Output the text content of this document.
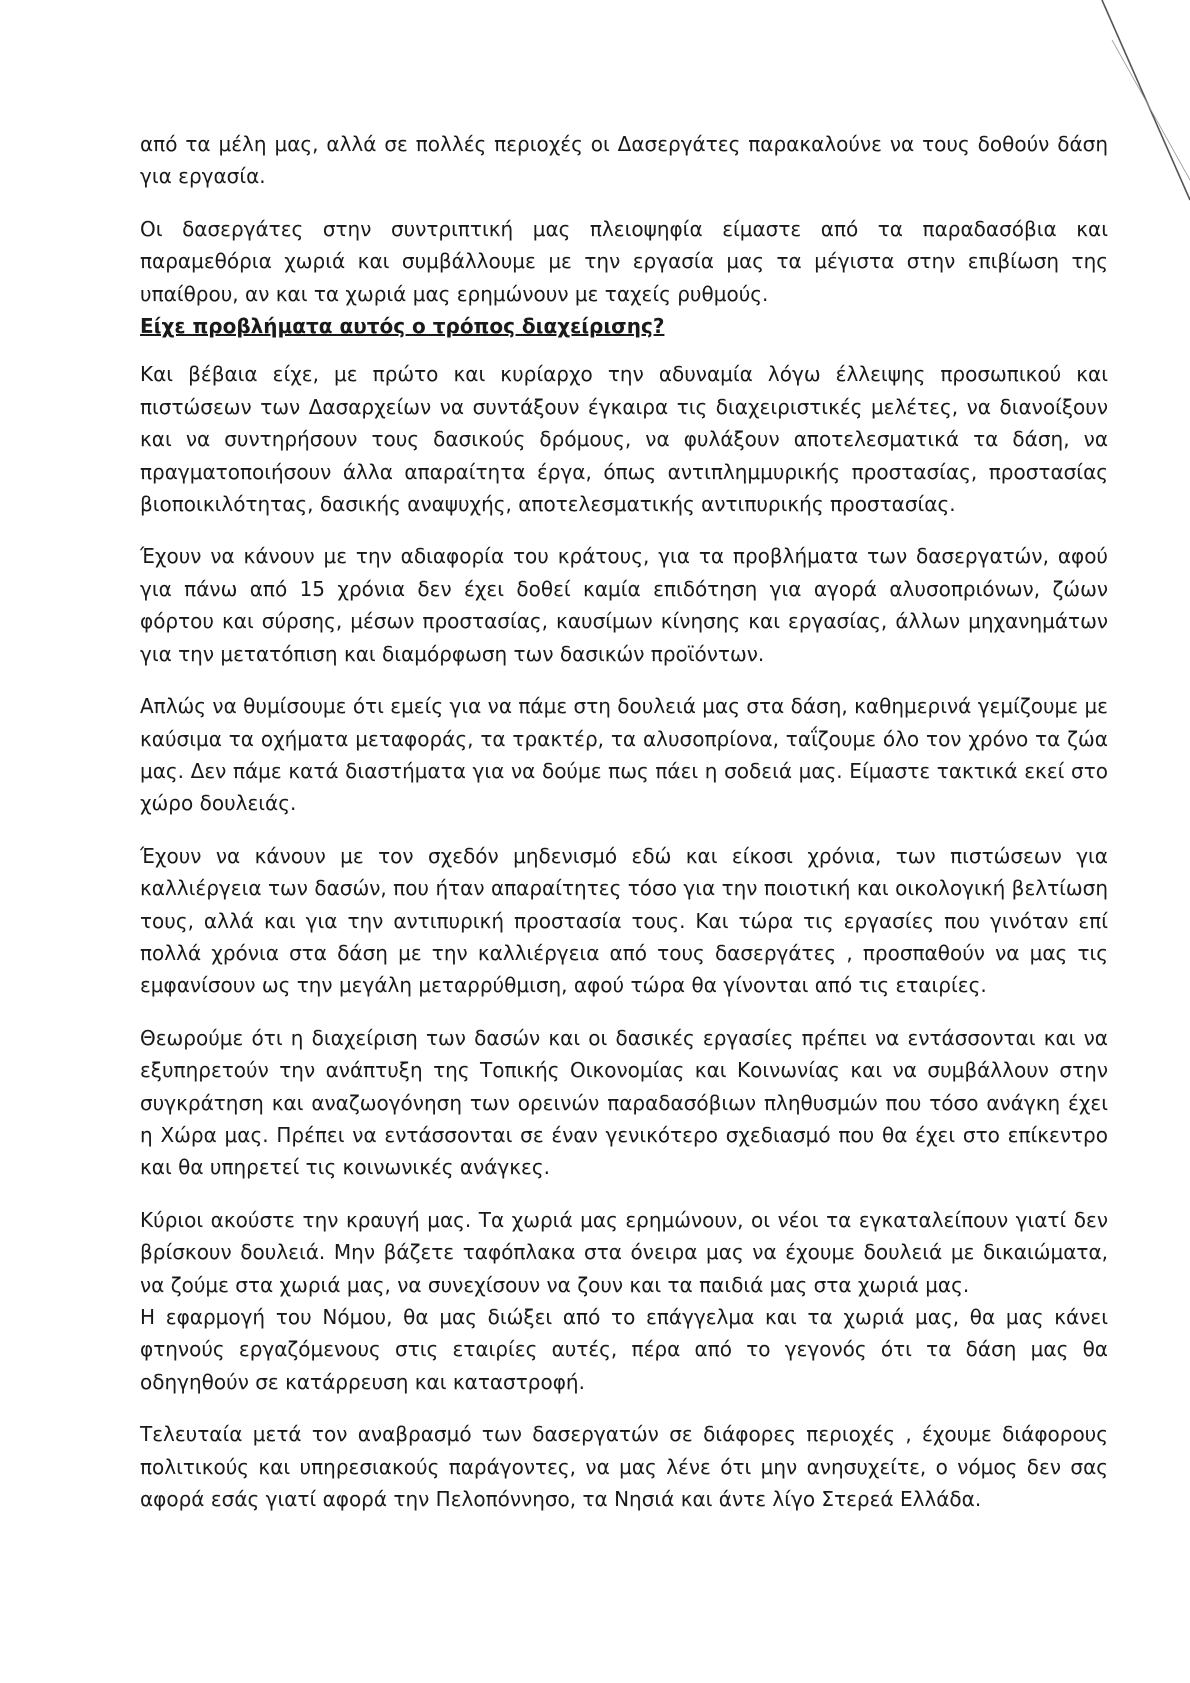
από τα μέλη μας, αλλά σε πολλές περιοχές οι Δασεργάτες παρακαλούνε να τους δοθούν δάση για εργασία.

Οι δασεργάτες στην συντριπτική μας πλειοψηφία είμαστε από τα παραδασόβια και παραμεθόρια χωριά και συμβάλλουμε με την εργασία μας τα μέγιστα στην επιβίωση της υπαίθρου, αν και τα χωριά μας ερημώνουν με ταχείς ρυθμούς.

Είχε προβλήματα αυτός ο τρόπος διαχείρισης?

Και βέβαια είχε, με πρώτο και κυρίαρχο την αδυναμία λόγω έλλειψης προσωπικού και πιστώσεων των Δασαρχείων να συντάξουν έγκαιρα τις διαχειριστικές μελέτες, να διανοίξουν και να συντηρήσουν τους δασικούς δρόμους, να φυλάξουν αποτελεσματικά τα δάση, να πραγματοποιήσουν άλλα απαραίτητα έργα, όπως αντιπλημμυρικής προστασίας, προστασίας βιοποικιλότητας, δασικής αναψυχής, αποτελεσματικής αντιπυρικής προστασίας.

Έχουν να κάνουν με την αδιαφορία του κράτους, για τα προβλήματα των δασεργατών, αφού για πάνω από 15 χρόνια δεν έχει δοθεί καμία επιδότηση για αγορά αλυσοπριόνων, ζώων φόρτου και σύρσης, μέσων προστασίας, καυσίμων κίνησης και εργασίας, άλλων μηχανημάτων για την μετατόπιση και διαμόρφωση των δασικών προϊόντων.

Απλώς να θυμίσουμε ότι εμείς για να πάμε στη δουλειά μας στα δάση, καθημερινά γεμίζουμε με καύσιμα τα οχήματα μεταφοράς, τα τρακτέρ, τα αλυσοπρίονα, ταΐζουμε όλο τον χρόνο τα ζώα μας. Δεν πάμε κατά διαστήματα για να δούμε πως πάει η σοδειά μας. Είμαστε τακτικά εκεί στο χώρο δουλειάς.

Έχουν να κάνουν με τον σχεδόν μηδενισμό εδώ και είκοσι χρόνια, των πιστώσεων για καλλιέργεια των δασών, που ήταν απαραίτητες τόσο για την ποιοτική και οικολογική βελτίωση τους, αλλά και για την αντιπυρική προστασία τους. Και τώρα τις εργασίες που γινόταν επί πολλά χρόνια στα δάση με την καλλιέργεια από τους δασεργάτες , προσπαθούν να μας τις εμφανίσουν ως την μεγάλη μεταρρύθμιση, αφού τώρα θα γίνονται από τις εταιρίες.

Θεωρούμε ότι η διαχείριση των δασών και οι δασικές εργασίες πρέπει να εντάσσονται και να εξυπηρετούν την ανάπτυξη της Τοπικής Οικονομίας και Κοινωνίας και να συμβάλλουν στην συγκράτηση και αναζωογόνηση των ορεινών παραδασόβιων πληθυσμών που τόσο ανάγκη έχει η Χώρα μας. Πρέπει να εντάσσονται σε έναν γενικότερο σχεδιασμό που θα έχει στο επίκεντρο και θα υπηρετεί τις κοινωνικές ανάγκες.

Κύριοι ακούστε την κραυγή μας. Τα χωριά μας ερημώνουν, οι νέοι τα εγκαταλείπουν γιατί δεν βρίσκουν δουλειά. Μην βάζετε ταφόπλακα στα όνειρα μας να έχουμε δουλειά με δικαιώματα, να ζούμε στα χωριά μας, να συνεχίσουν να ζουν και τα παιδιά μας στα χωριά μας.

Η εφαρμογή του Νόμου, θα μας διώξει από το επάγγελμα και τα χωριά μας, θα μας κάνει φτηνούς εργαζόμενους στις εταιρίες αυτές, πέρα από το γεγονός ότι τα δάση μας θα οδηγηθούν σε κατάρρευση και καταστροφή.

Τελευταία μετά τον αναβρασμό των δασεργατών σε διάφορες περιοχές , έχουμε διάφορους πολιτικούς και υπηρεσιακούς παράγοντες, να μας λένε ότι μην ανησυχείτε, ο νόμος δεν σας αφορά εσάς γιατί αφορά την Πελοπόννησο, τα Νησιά και άντε λίγο Στερεά Ελλάδα.
